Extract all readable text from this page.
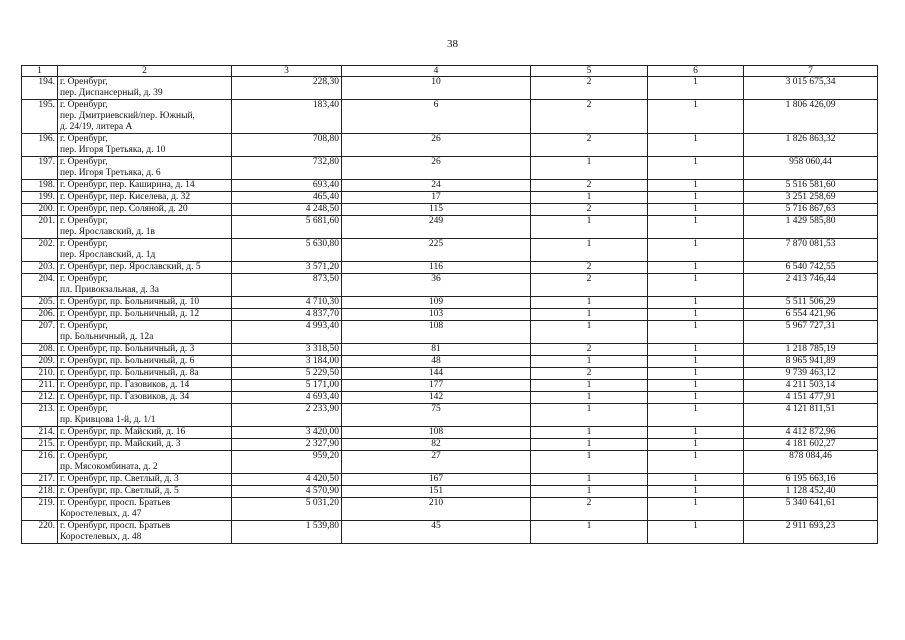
38
1	2	3	4	5	6	7
194.	г. Оренбург,
пер. Диспансерный, д. 39	228,30	10	2	1	3 015 675,34
195.	г. Оренбург,
пер. Дмитриевский/пер. Южный,
д. 24/19, литера А	183,40	6	2	1	1 806 426,09
196.	г. Оренбург,
пер. Игоря Третьяка, д. 10	708,80	26	2	1	1 826 863,32
197.	г. Оренбург,
пер. Игоря Третьяка, д. 6	732,80	26	1	1	958 060,44
198.	г. Оренбург, пер. Каширина, д. 14	693,40	24	2	1	5 516 581,60
199.	г. Оренбург, пер. Киселева, д. 32	465,40	17	1	1	3 251 258,69
200.	г. Оренбург, пер. Соляной, д. 20	4 248,50	115	2	1	5 716 867,63
201.	г. Оренбург,
пер. Ярославский, д. 1в	5 681,60	249	1	1	1 429 585,80
202.	г. Оренбург,
пер. Ярославский, д. 1д	5 630,80	225	1	1	7 870 081,53
203.	г. Оренбург, пер. Ярославский, д. 5	3 571,20	116	2	1	6 540 742,55
204.	г. Оренбург,
пл. Привокзальная, д. 3а	873,50	36	2	1	2 413 746,44
205.	г. Оренбург, пр. Больничный, д. 10	4 710,30	109	1	1	5 511 506,29
206.	г. Оренбург, пр. Больничный, д. 12	4 837,70	103	1	1	6 554 421,96
207.	г. Оренбург,
пр. Больничный, д. 12а	4 993,40	108	1	1	5 967 727,31
208.	г. Оренбург, пр. Больничный, д. 3	3 318,50	81	2	1	1 218 785,19
209.	г. Оренбург, пр. Больничный, д. 6	3 184,00	48	1	1	8 965 941,89
210.	г. Оренбург, пр. Больничный, д. 8а	5 229,50	144	2	1	9 739 463,12
211.	г. Оренбург, пр. Газовиков, д. 14	5 171,00	177	1	1	4 211 503,14
212.	г. Оренбург, пр. Газовиков, д. 34	4 693,40	142	1	1	4 151 477,91
213.	г. Оренбург,
пр. Кривцова 1-й, д. 1/1	2 233,90	75	1	1	4 121 811,51
214.	г. Оренбург, пр. Майский, д. 16	3 420,00	108	1	1	4 412 872,96
215.	г. Оренбург, пр. Майский, д. 3	2 327,90	82	1	1	4 181 602,27
216.	г. Оренбург,
пр. Мясокомбината, д. 2	959,20	27	1	1	878 084,46
217.	г. Оренбург, пр. Светлый, д. 3	4 420,50	167	1	1	6 195 663,16
218.	г. Оренбург, пр. Светлый, д. 5	4 570,90	151	1	1	1 128 452,40
219.	г. Оренбург, просп. Братьев
Коростелевых, д. 47	5 031,20	210	2	1	5 340 641,61
220.	г. Оренбург, просп. Братьев
Коростелевых, д. 48	1 539,80	45	1	1	2 911 693,23
